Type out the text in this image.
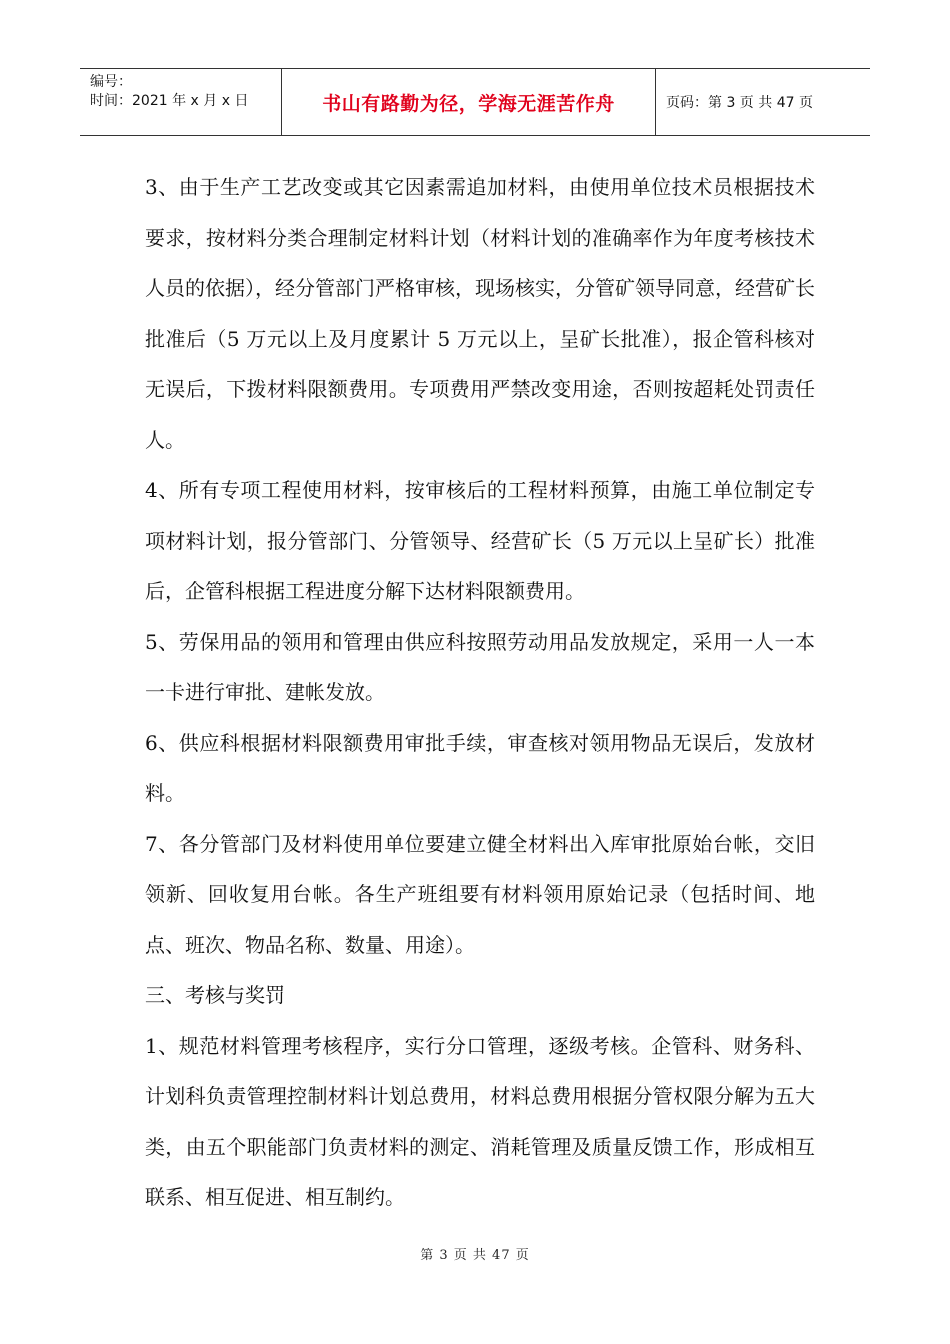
编号：
时间：2021 年 x 月 x 日	书山有路勤为径，学海无涯苦作舟	页码：第 3 页 共 47 页

3、由于生产工艺改变或其它因素需追加材料，由使用单位技术员根据技术要求，按材料分类合理制定材料计划（材料计划的准确率作为年度考核技术人员的依据），经分管部门严格审核，现场核实，分管矿领导同意，经营矿长批准后（5 万元以上及月度累计 5 万元以上，呈矿长批准），报企管科核对无误后，下拨材料限额费用。专项费用严禁改变用途，否则按超耗处罚责任人。

4、所有专项工程使用材料，按审核后的工程材料预算，由施工单位制定专项材料计划，报分管部门、分管领导、经营矿长（5 万元以上呈矿长）批准后，企管科根据工程进度分解下达材料限额费用。

5、劳保用品的领用和管理由供应科按照劳动用品发放规定，采用一人一本一卡进行审批、建帐发放。

6、供应科根据材料限额费用审批手续，审查核对领用物品无误后，发放材料。

7、各分管部门及材料使用单位要建立健全材料出入库审批原始台帐，交旧领新、回收复用台帐。各生产班组要有材料领用原始记录（包括时间、地点、班次、物品名称、数量、用途）。

三、考核与奖罚

1、规范材料管理考核程序，实行分口管理，逐级考核。企管科、财务科、计划科负责管理控制材料计划总费用，材料总费用根据分管权限分解为五大类，由五个职能部门负责材料的测定、消耗管理及质量反馈工作，形成相互联系、相互促进、相互制约。

第 3 页 共 47 页
